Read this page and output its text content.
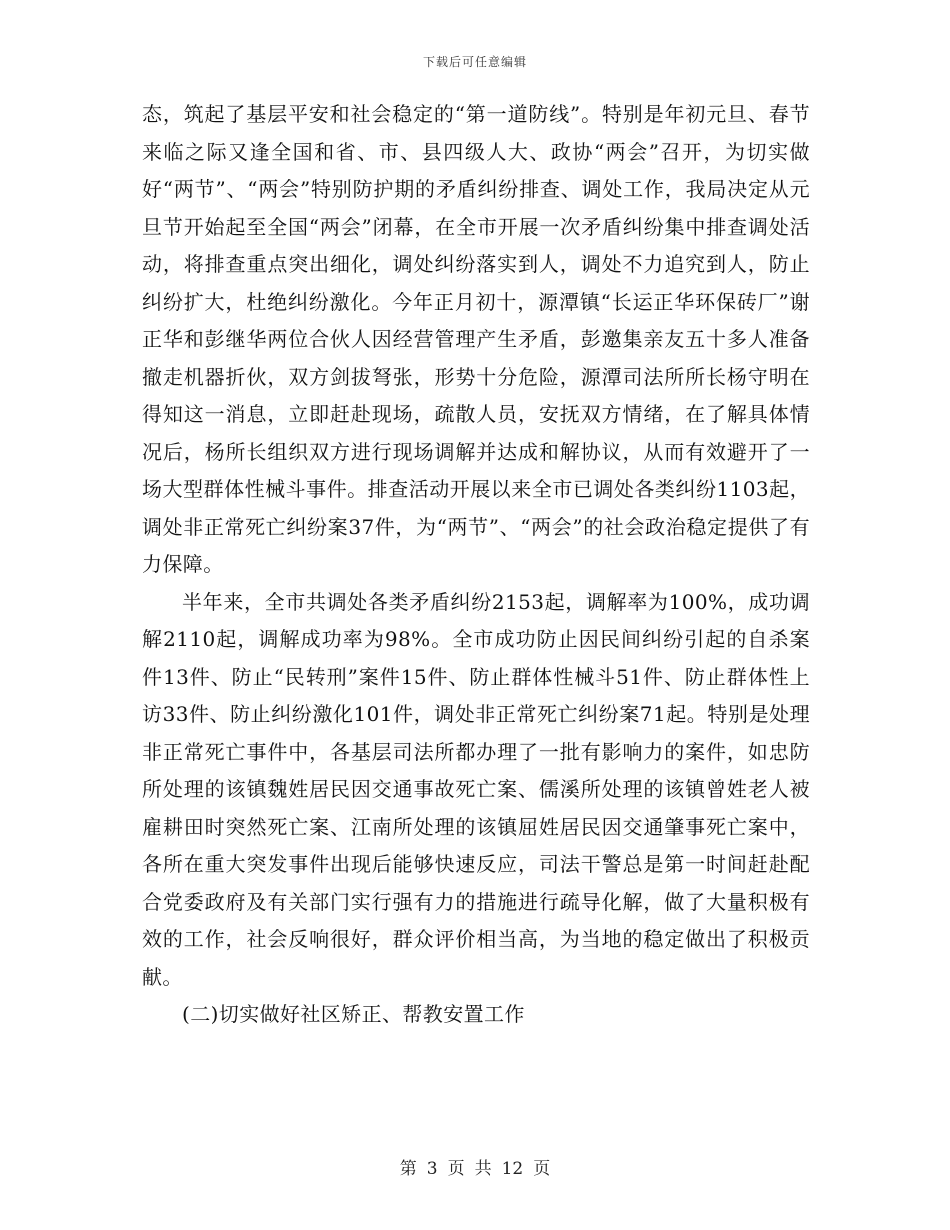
下载后可任意编辑

态，筑起了基层平安和社会稳定的“第一道防线”。特别是年初元旦、春节来临之际又逢全国和省、市、县四级人大、政协“两会”召开，为切实做好“两节”、“两会”特别防护期的矛盾纠纷排查、调处工作，我局决定从元旦节开始起至全国“两会”闭幕，在全市开展一次矛盾纠纷集中排查调处活动，将排查重点突出细化，调处纠纷落实到人，调处不力追究到人，防止纠纷扩大，杜绝纠纷激化。今年正月初十，源潭镇“长运正华环保砖厂”谢正华和彭继华两位合伙人因经营管理产生矛盾，彭邀集亲友五十多人准备撤走机器折伙，双方剑拔弩张，形势十分危险，源潭司法所所长杨守明在得知这一消息，立即赶赴现场，疏散人员，安抚双方情绪，在了解具体情况后，杨所长组织双方进行现场调解并达成和解协议，从而有效避开了一场大型群体性械斗事件。排查活动开展以来全市已调处各类纠纷1103起，调处非正常死亡纠纷案37件，为“两节”、“两会”的社会政治稳定提供了有力保障。

半年来，全市共调处各类矛盾纠纷2153起，调解率为100%，成功调解2110起，调解成功率为98%。全市成功防止因民间纠纷引起的自杀案件13件、防止“民转刑”案件15件、防止群体性械斗51件、防止群体性上访33件、防止纠纷激化101件，调处非正常死亡纠纷案71起。特别是处理非正常死亡事件中，各基层司法所都办理了一批有影响力的案件，如忠防所处理的该镇魏姓居民因交通事故死亡案、儒溪所处理的该镇曾姓老人被雇耕田时突然死亡案、江南所处理的该镇屈姓居民因交通肇事死亡案中，各所在重大突发事件出现后能够快速反应，司法干警总是第一时间赶赴配合党委政府及有关部门实行强有力的措施进行疏导化解，做了大量积极有效的工作，社会反响很好，群众评价相当高，为当地的稳定做出了积极贡献。

(二)切实做好社区矫正、帮教安置工作

第 3 页 共 12 页
